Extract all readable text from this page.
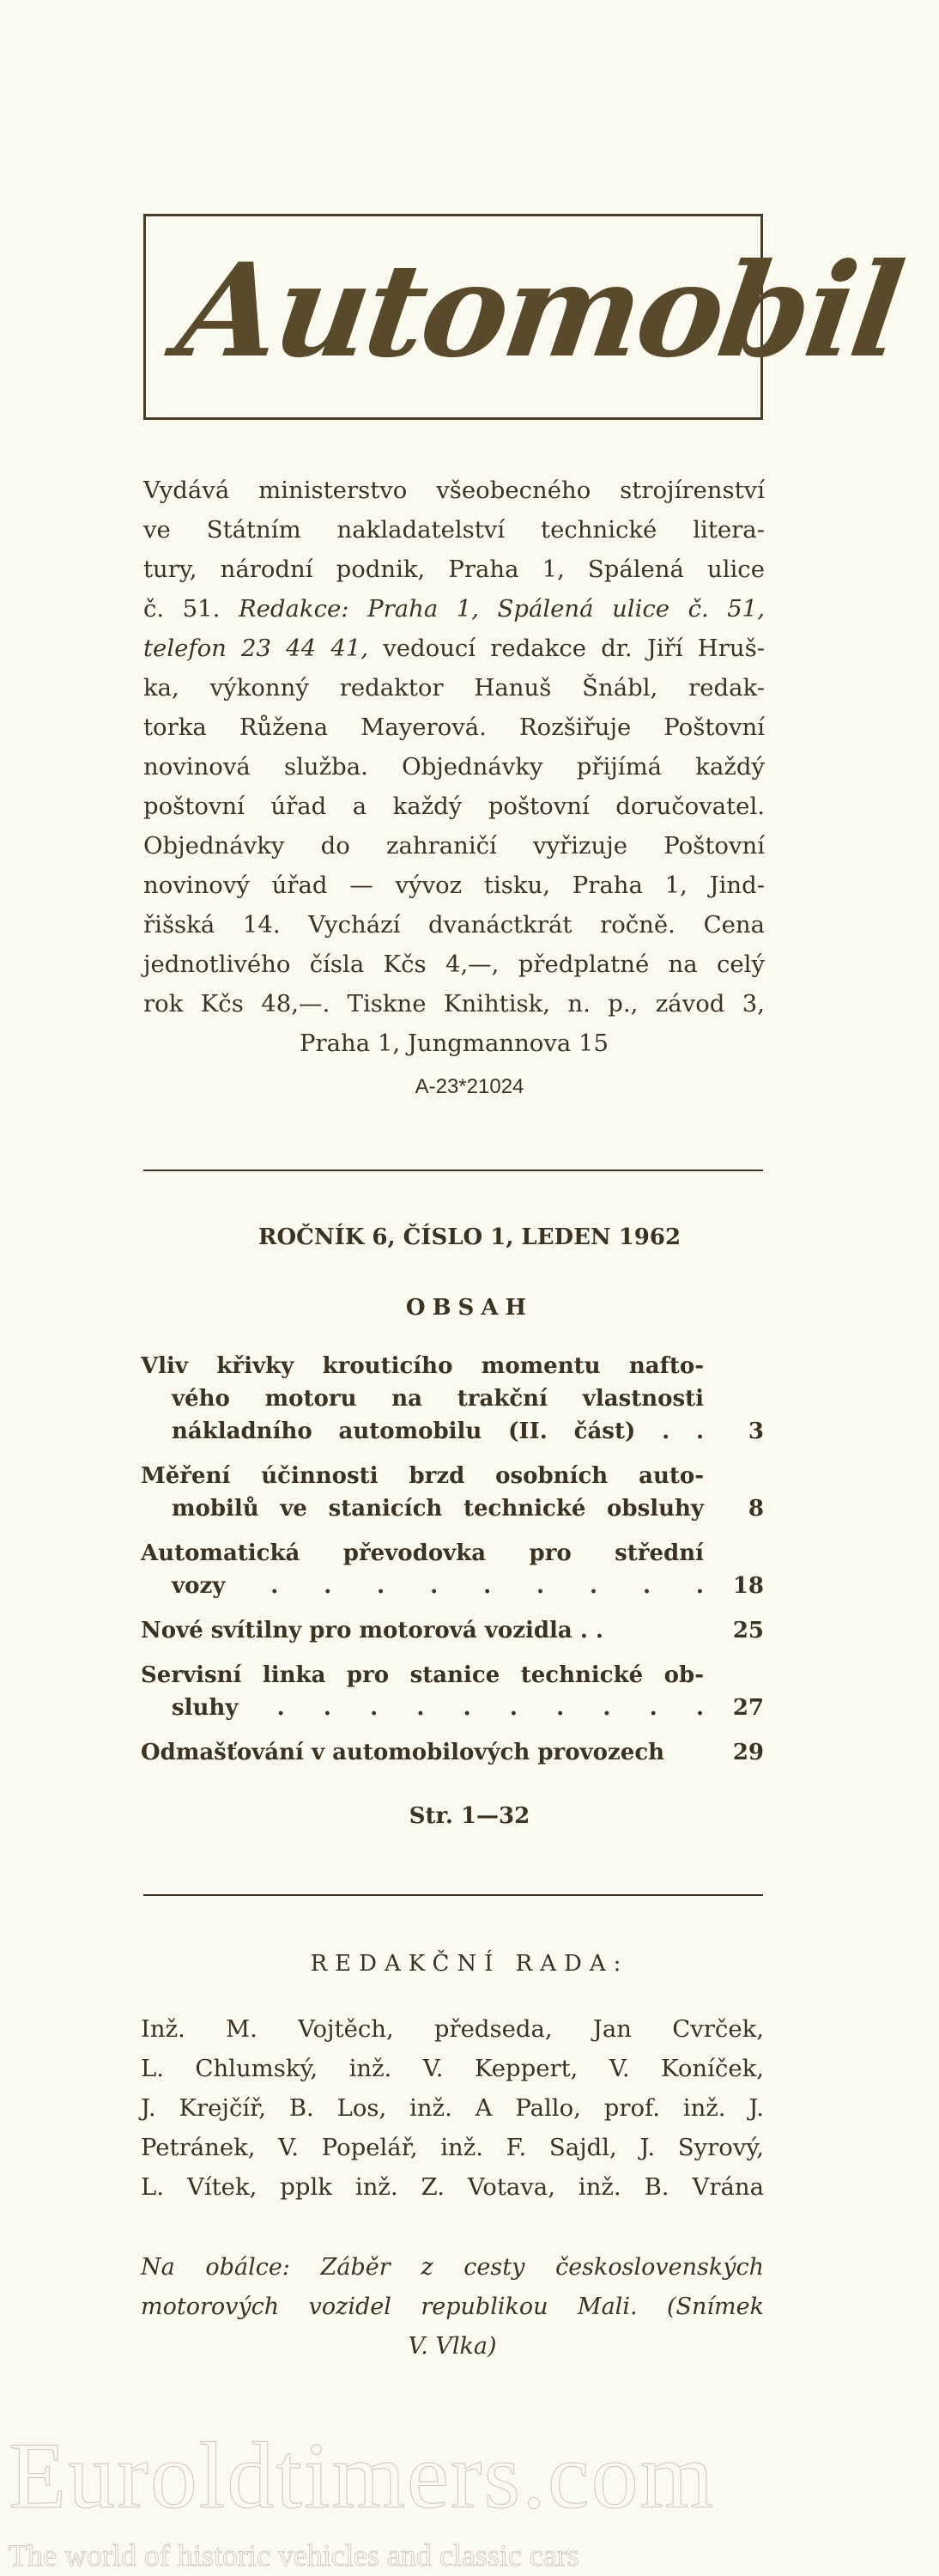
Automobil
Vydává ministerstvo všeobecného strojírenství
ve Státním nakladatelství technické litera-
tury, národní podnik, Praha 1, Spálená ulice
č. 51. Redakce: Praha 1, Spálená ulice č. 51,
telefon 23 44 41, vedoucí redakce dr. Jiří Hruš-
ka, výkonný redaktor Hanuš Šnábl, redak-
torka Růžena Mayerová. Rozšiřuje Poštovní
novinová služba. Objednávky přijímá každý
poštovní úřad a každý poštovní doručovatel.
Objednávky do zahraničí vyřizuje Poštovní
novinový úřad — vývoz tisku, Praha 1, Jind-
řišská 14. Vychází dvanáctkrát ročně. Cena
jednotlivého čísla Kčs 4,—, předplatné na celý
rok Kčs 48,—. Tiskne Knihtisk, n. p., závod 3,
Praha 1, Jungmannova 15
A-23*21024
ROČNÍK 6, ČÍSLO 1, LEDEN 1962
OBSAH
Vliv křivky krouticího momentu nafto-
vého motoru na trakční vlastnosti
nákladního automobilu (II. část) . .	3
Měření účinnosti brzd osobních auto-
mobilů ve stanicích technické obsluhy	8
Automatická převodovka pro střední
vozy . . . . . . . . .	18
Nové svítilny pro motorová vozidla . .	25
Servisní linka pro stanice technické ob-
sluhy . . . . . . . . . .	27
Odmašťování v automobilových provozech	29
Str. 1—32
REDAKČNÍ RADA:
Inž. M. Vojtěch, předseda, Jan Cvrček,
L. Chlumský, inž. V. Keppert, V. Koníček,
J. Krejčíř, B. Los, inž. A Pallo, prof. inž. J.
Petránek, V. Popelář, inž. F. Sajdl, J. Syrový,
L. Vítek, pplk inž. Z. Votava, inž. B. Vrána
Na obálce: Záběr z cesty československých
motorových vozidel republikou Mali. (Snímek
V. Vlka)
Euroldtimers.com
The world of historic vehicles and classic cars
